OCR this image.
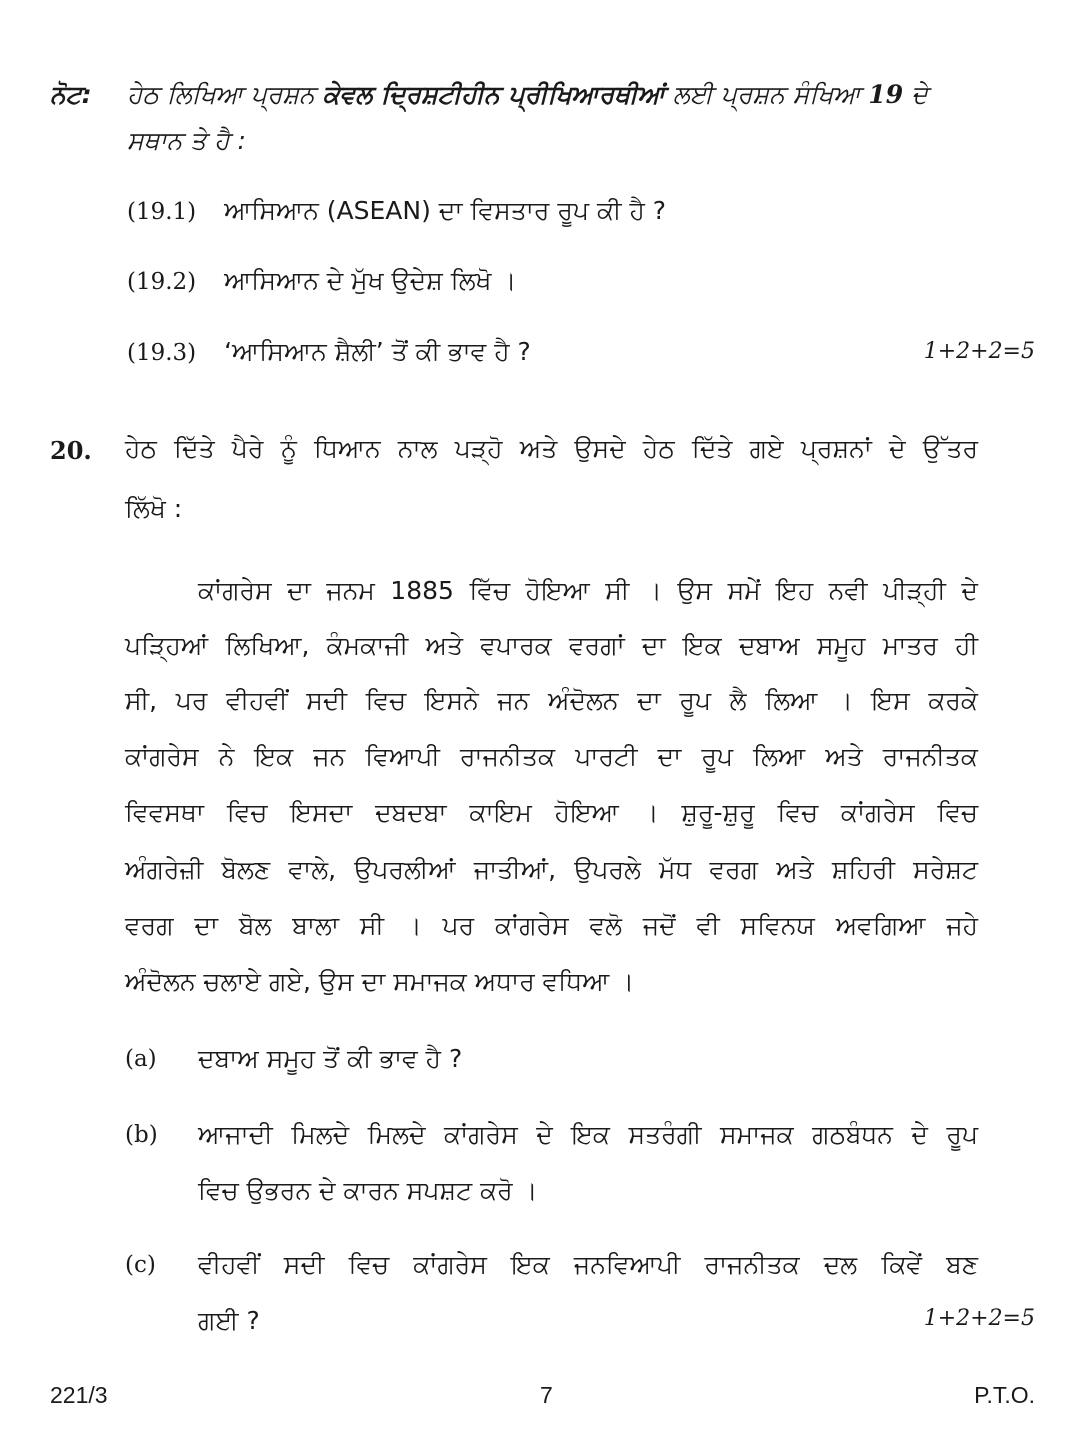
ਨੋਟ: ਹੇਠ ਲਿਖਿਆ ਪ੍ਰਸ਼ਨ ਕੇਵਲ ਦ੍ਰਿਸ਼ਟੀਹੀਨ ਪ੍ਰੀਖਿਆਰਥੀਆਂ ਲਈ ਪ੍ਰਸ਼ਨ ਸੰਖਿਆ 19 ਦੇ
ਸਥਾਨ ਤੇ ਹੈ :
(19.1) ਆਸਿਆਨ (ASEAN) ਦਾ ਵਿਸਤਾਰ ਰੂਪ ਕੀ ਹੈ ?
(19.2) ਆਸਿਆਨ ਦੇ ਮੁੱਖ ਉਦੇਸ਼ ਲਿਖੋ ।
(19.3) ‘ਆਸਿਆਨ ਸ਼ੈਲੀ’ ਤੋਂ ਕੀ ਭਾਵ ਹੈ ?	1+2+2=5
20. ਹੇਠ ਦਿੱਤੇ ਪੈਰੇ ਨੂੰ ਧਿਆਨ ਨਾਲ ਪੜ੍ਹੋ ਅਤੇ ਉਸਦੇ ਹੇਠ ਦਿੱਤੇ ਗਏ ਪ੍ਰਸ਼ਨਾਂ ਦੇ ਉੱਤਰ
ਲਿੱਖੋ :
ਕਾਂਗਰੇਸ ਦਾ ਜਨਮ 1885 ਵਿੱਚ ਹੋਇਆ ਸੀ । ਉਸ ਸਮੇਂ ਇਹ ਨਵੀ ਪੀੜ੍ਹੀ ਦੇ
ਪੜ੍ਹਿਆਂ ਲਿਖਿਆ, ਕੰਮਕਾਜੀ ਅਤੇ ਵਪਾਰਕ ਵਰਗਾਂ ਦਾ ਇਕ ਦਬਾਅ ਸਮੂਹ ਮਾਤਰ ਹੀ
ਸੀ, ਪਰ ਵੀਹਵੀਂ ਸਦੀ ਵਿਚ ਇਸਨੇ ਜਨ ਅੰਦੋਲਨ ਦਾ ਰੂਪ ਲੈ ਲਿਆ । ਇਸ ਕਰਕੇ
ਕਾਂਗਰੇਸ ਨੇ ਇਕ ਜਨ ਵਿਆਪੀ ਰਾਜਨੀਤਕ ਪਾਰਟੀ ਦਾ ਰੂਪ ਲਿਆ ਅਤੇ ਰਾਜਨੀਤਕ
ਵਿਵਸਥਾ ਵਿਚ ਇਸਦਾ ਦਬਦਬਾ ਕਾਇਮ ਹੋਇਆ । ਸ਼ੁਰੂ-ਸ਼ੁਰੂ ਵਿਚ ਕਾਂਗਰੇਸ ਵਿਚ
ਅੰਗਰੇਜ਼ੀ ਬੋਲਣ ਵਾਲੇ, ਉਪਰਲੀਆਂ ਜਾਤੀਆਂ, ਉਪਰਲੇ ਮੱਧ ਵਰਗ ਅਤੇ ਸ਼ਹਿਰੀ ਸਰੇਸ਼ਟ
ਵਰਗ ਦਾ ਬੋਲ ਬਾਲਾ ਸੀ । ਪਰ ਕਾਂਗਰੇਸ ਵਲੋ ਜਦੋਂ ਵੀ ਸਵਿਨਯ ਅਵਗਿਆ ਜਹੇ
ਅੰਦੋਲਨ ਚਲਾਏ ਗਏ, ਉਸ ਦਾ ਸਮਾਜਕ ਅਧਾਰ ਵਧਿਆ ।
(a) ਦਬਾਅ ਸਮੂਹ ਤੋਂ ਕੀ ਭਾਵ ਹੈ ?
(b) ਆਜਾਦੀ ਮਿਲਦੇ ਮਿਲਦੇ ਕਾਂਗਰੇਸ ਦੇ ਇਕ ਸਤਰੰਗੀ ਸਮਾਜਕ ਗਠਬੰਧਨ ਦੇ ਰੂਪ
ਵਿਚ ਉਭਰਨ ਦੇ ਕਾਰਨ ਸਪਸ਼ਟ ਕਰੋ ।
(c) ਵੀਹਵੀਂ ਸਦੀ ਵਿਚ ਕਾਂਗਰੇਸ ਇਕ ਜਨਵਿਆਪੀ ਰਾਜਨੀਤਕ ਦਲ ਕਿਵੇਂ ਬਣ
ਗਈ ?	1+2+2=5
221/3	7	P.T.O.
